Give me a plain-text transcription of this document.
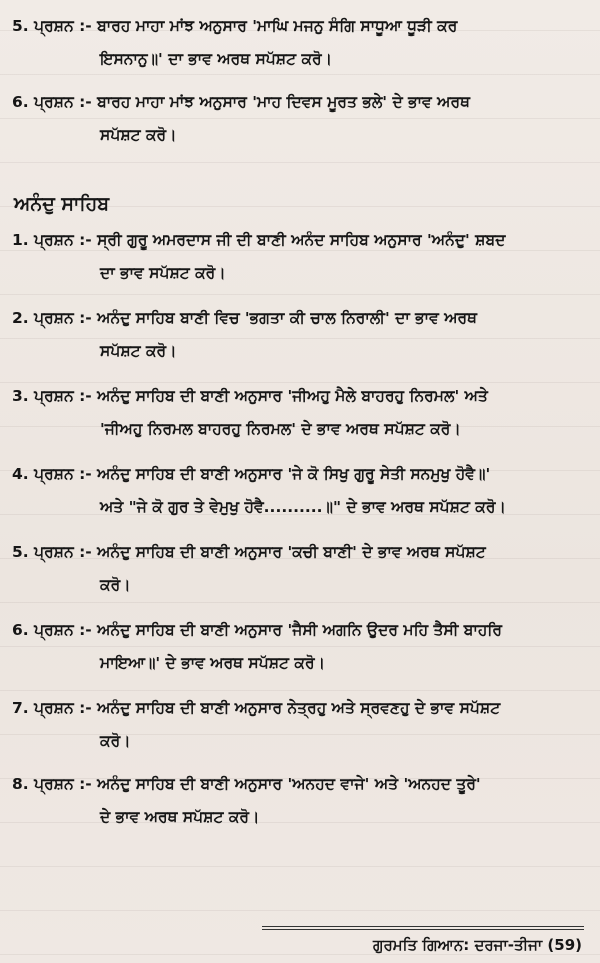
5. ਪ੍ਰਸ਼ਨ :- ਬਾਰਹ ਮਾਹਾ ਮਾਂਝ ਅਨੁਸਾਰ 'ਮਾਘਿ ਮਜਨੁ ਸੰਗਿ ਸਾਧੂਆ ਧੂੜੀ ਕਰ
ਇਸਨਾਨੁ॥' ਦਾ ਭਾਵ ਅਰਥ ਸਪੱਸ਼ਟ ਕਰੋ।
6. ਪ੍ਰਸ਼ਨ :- ਬਾਰਹ ਮਾਹਾ ਮਾਂਝ ਅਨੁਸਾਰ 'ਮਾਹ ਦਿਵਸ ਮੂਰਤ ਭਲੇ' ਦੇ ਭਾਵ ਅਰਥ
ਸਪੱਸ਼ਟ ਕਰੋ।
ਅਨੰਦੁ ਸਾਹਿਬ
1. ਪ੍ਰਸ਼ਨ :- ਸ੍ਰੀ ਗੁਰੂ ਅਮਰਦਾਸ ਜੀ ਦੀ ਬਾਣੀ ਅਨੰਦ ਸਾਹਿਬ ਅਨੁਸਾਰ 'ਅਨੰਦੁ' ਸ਼ਬਦ
ਦਾ ਭਾਵ ਸਪੱਸ਼ਟ ਕਰੋ।
2. ਪ੍ਰਸ਼ਨ :- ਅਨੰਦੁ ਸਾਹਿਬ ਬਾਣੀ ਵਿਚ 'ਭਗਤਾ ਕੀ ਚਾਲ ਨਿਰਾਲੀ' ਦਾ ਭਾਵ ਅਰਥ
ਸਪੱਸ਼ਟ ਕਰੋ।
3. ਪ੍ਰਸ਼ਨ :- ਅਨੰਦੁ ਸਾਹਿਬ ਦੀ ਬਾਣੀ ਅਨੁਸਾਰ 'ਜੀਅਹੁ ਮੈਲੇ ਬਾਹਰਹੁ ਨਿਰਮਲ' ਅਤੇ
'ਜੀਅਹੁ ਨਿਰਮਲ ਬਾਹਰਹੁ ਨਿਰਮਲ' ਦੇ ਭਾਵ ਅਰਥ ਸਪੱਸ਼ਟ ਕਰੋ।
4. ਪ੍ਰਸ਼ਨ :- ਅਨੰਦੁ ਸਾਹਿਬ ਦੀ ਬਾਣੀ ਅਨੁਸਾਰ 'ਜੇ ਕੋ ਸਿਖੁ ਗੁਰੂ ਸੇਤੀ ਸਨਮੁਖੁ ਹੋਵੈ॥'
ਅਤੇ "ਜੇ ਕੋ ਗੁਰ ਤੇ ਵੇਮੁਖੁ ਹੋਵੈ..........॥" ਦੇ ਭਾਵ ਅਰਥ ਸਪੱਸ਼ਟ ਕਰੋ।
5. ਪ੍ਰਸ਼ਨ :- ਅਨੰਦੁ ਸਾਹਿਬ ਦੀ ਬਾਣੀ ਅਨੁਸਾਰ 'ਕਚੀ ਬਾਣੀ' ਦੇ ਭਾਵ ਅਰਥ ਸਪੱਸ਼ਟ
ਕਰੋ।
6. ਪ੍ਰਸ਼ਨ :- ਅਨੰਦੁ ਸਾਹਿਬ ਦੀ ਬਾਣੀ ਅਨੁਸਾਰ 'ਜੈਸੀ ਅਗਨਿ ਉਦਰ ਮਹਿ ਤੈਸੀ ਬਾਹਰਿ
ਮਾਇਆ॥' ਦੇ ਭਾਵ ਅਰਥ ਸਪੱਸ਼ਟ ਕਰੋ।
7. ਪ੍ਰਸ਼ਨ :- ਅਨੰਦੁ ਸਾਹਿਬ ਦੀ ਬਾਣੀ ਅਨੁਸਾਰ ਨੇਤ੍ਰਹੁ ਅਤੇ ਸ੍ਰਵਣਹੁ ਦੇ ਭਾਵ ਸਪੱਸ਼ਟ
ਕਰੋ।
8. ਪ੍ਰਸ਼ਨ :- ਅਨੰਦੁ ਸਾਹਿਬ ਦੀ ਬਾਣੀ ਅਨੁਸਾਰ 'ਅਨਹਦ ਵਾਜੇ' ਅਤੇ 'ਅਨਹਦ ਤੂਰੇ'
ਦੇ ਭਾਵ ਅਰਥ ਸਪੱਸ਼ਟ ਕਰੋ।
ਗੁਰਮਤਿ ਗਿਆਨ: ਦਰਜਾ-ਤੀਜਾ (59)
